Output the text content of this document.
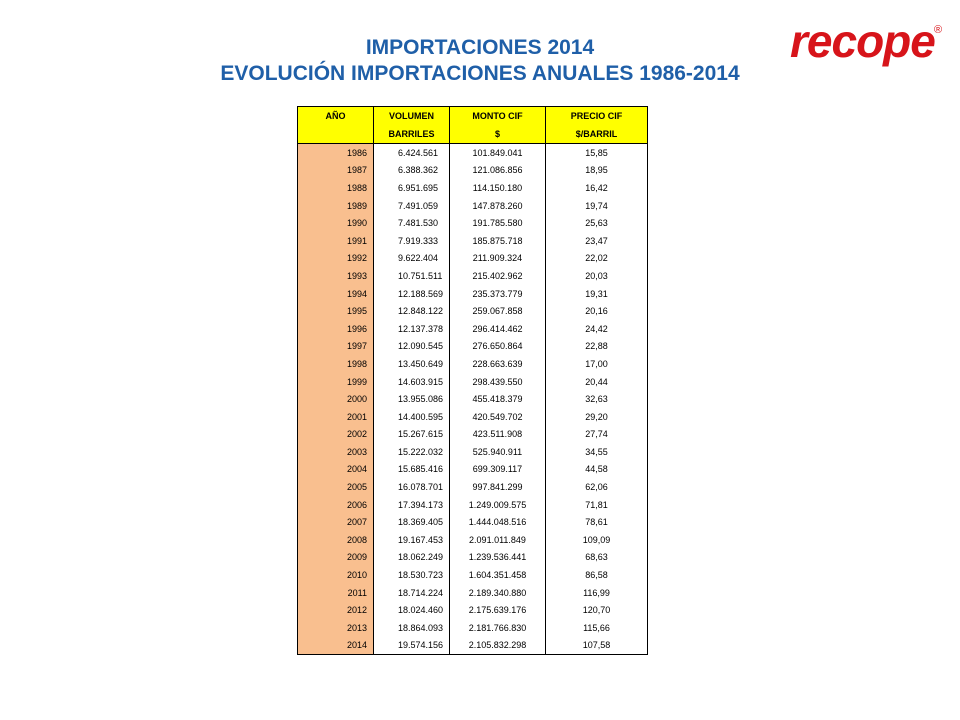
IMPORTACIONES 2014
EVOLUCIÓN IMPORTACIONES ANUALES 1986-2014
recope ®
AÑO	VOLUMEN	MONTO CIF	PRECIO CIF
	BARRILES	$	$/BARRIL
1986	6.424.561	101.849.041	15,85
1987	6.388.362	121.086.856	18,95
1988	6.951.695	114.150.180	16,42
1989	7.491.059	147.878.260	19,74
1990	7.481.530	191.785.580	25,63
1991	7.919.333	185.875.718	23,47
1992	9.622.404	211.909.324	22,02
1993	10.751.511	215.402.962	20,03
1994	12.188.569	235.373.779	19,31
1995	12.848.122	259.067.858	20,16
1996	12.137.378	296.414.462	24,42
1997	12.090.545	276.650.864	22,88
1998	13.450.649	228.663.639	17,00
1999	14.603.915	298.439.550	20,44
2000	13.955.086	455.418.379	32,63
2001	14.400.595	420.549.702	29,20
2002	15.267.615	423.511.908	27,74
2003	15.222.032	525.940.911	34,55
2004	15.685.416	699.309.117	44,58
2005	16.078.701	997.841.299	62,06
2006	17.394.173	1.249.009.575	71,81
2007	18.369.405	1.444.048.516	78,61
2008	19.167.453	2.091.011.849	109,09
2009	18.062.249	1.239.536.441	68,63
2010	18.530.723	1.604.351.458	86,58
2011	18.714.224	2.189.340.880	116,99
2012	18.024.460	2.175.639.176	120,70
2013	18.864.093	2.181.766.830	115,66
2014	19.574.156	2.105.832.298	107,58
